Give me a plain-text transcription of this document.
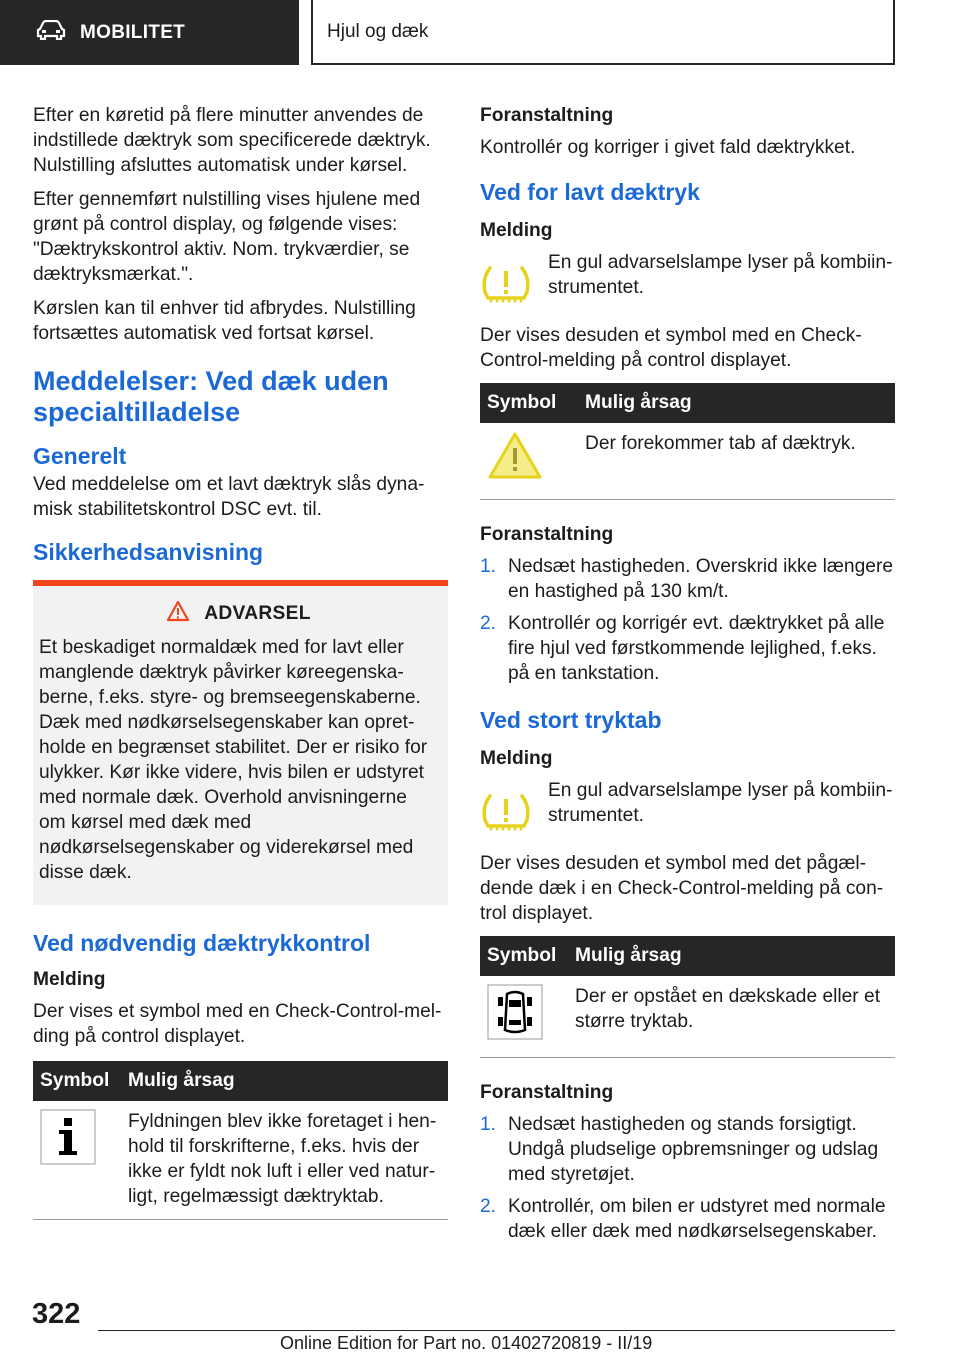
MOBILITET	Hjul og dæk

Efter en køretid på flere minutter anvendes de indstillede dæktryk som specificerede dæktryk. Nulstilling afsluttes automatisk under kørsel.

Efter gennemført nulstilling vises hjulene med grønt på control display, og følgende vises: "Dæktrykskontrol aktiv. Nom. trykværdier, se dæktryksmærkat.".

Kørslen kan til enhver tid afbrydes. Nulstilling fortsættes automatisk ved fortsat kørsel.

Meddelelser: Ved dæk uden specialtilladelse
Generelt

Ved meddelelse om et lavt dæktryk slås dyna-misk stabilitetskontrol DSC evt. til.

Sikkerhedsanvisning
ADVARSEL

Et beskadiget normaldæk med for lavt eller manglende dæktryk påvirker køreegenska-berne, f.eks. styre- og bremseegenskaberne. Dæk med nødkørselsegenskaber kan opret-holde en begrænset stabilitet. Der er risiko for ulykker. Kør ikke videre, hvis bilen er udstyret med normale dæk. Overhold anvisningerne om kørsel med dæk med nødkørselsegenskaber og viderekørsel med disse dæk.

Ved nødvendig dæktrykkontrol
Melding

Der vises et symbol med en Check-Control-mel-ding på control displayet.

Symbol	Mulig årsag
	Fyldningen blev ikke foretaget i hen-hold til forskrifterne, f.eks. hvis der ikke er fyldt nok luft i eller ved natur-ligt, regelmæssigt dæktryktab.
Foranstaltning

Kontrollér og korriger i givet fald dæktrykket.

Ved for lavt dæktryk
Melding
En gul advarselslampe lyser på kombiin-strumentet.

Der vises desuden et symbol med en Check-Control-melding på control displayet.

Symbol	Mulig årsag
	Der forekommer tab af dæktryk.
Foranstaltning
1. Nedsæt hastigheden. Overskrid ikke længere en hastighed på 130 km/t.
2. Kontrollér og korrigér evt. dæktrykket på alle fire hjul ved førstkommende lejlighed, f.eks. på en tankstation.
Ved stort tryktab
Melding
En gul advarselslampe lyser på kombiin-strumentet.

Der vises desuden et symbol med det pågæl-dende dæk i en Check-Control-melding på con-trol displayet.

Symbol	Mulig årsag
	Der er opstået en dækskade eller et større tryktab.
Foranstaltning
1. Nedsæt hastigheden og stands forsigtigt. Undgå pludselige opbremsninger og udslag med styretøjet.
2. Kontrollér, om bilen er udstyret med normale dæk eller dæk med nødkørselsegenskaber.
322
Online Edition for Part no. 01402720819 - II/19
